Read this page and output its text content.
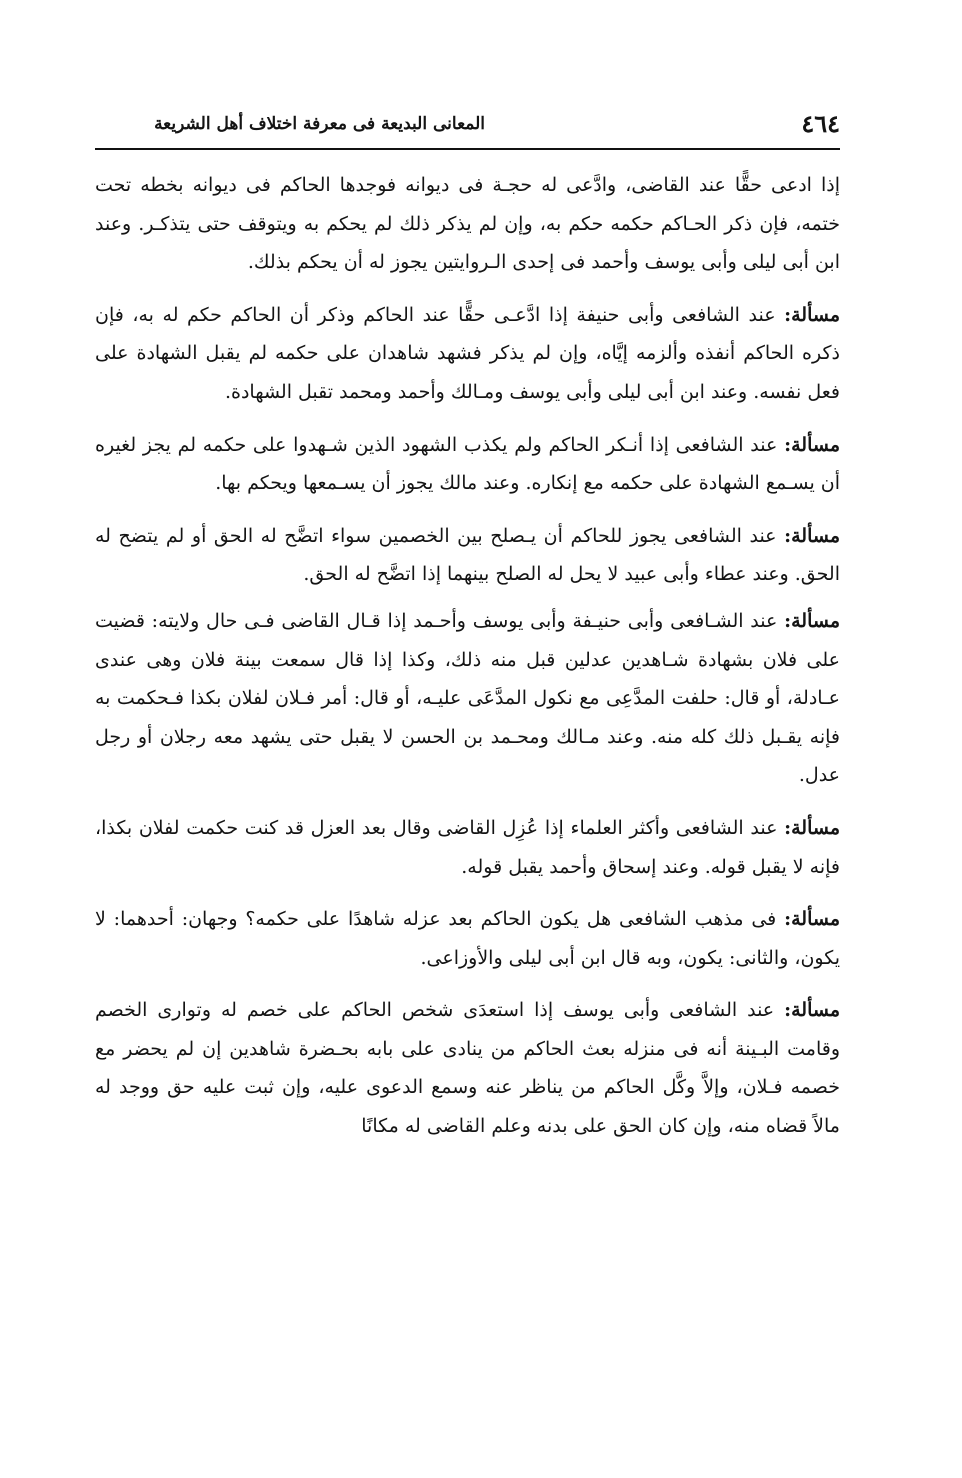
٤٦٤
المعانى البديعة فى معرفة اختلاف أهل الشريعة

إذا ادعى حقًّا عند القاضى، وادَّعى له حجـة فى ديوانه فوجدها الحاكم فى ديوانه بخطه تحت ختمه، فإن ذكر الحـاكم حكمه حكم به، وإن لم يذكر ذلك لم يحكم به ويتوقف حتى يتذكـر. وعند ابن أبى ليلى وأبى يوسف وأحمد فى إحدى الـروايتين يجوز له أن يحكم بذلك.

مسألة: عند الشافعى وأبى حنيفة إذا ادَّعـى حقًّا عند الحاكم وذكر أن الحاكم حكم له به، فإن ذكره الحاكم أنفذه وألزمه إيَّاه، وإن لم يذكر فشهد شاهدان على حكمه لم يقبل الشهادة على فعل نفسه. وعند ابن أبى ليلى وأبى يوسف ومـالك وأحمد ومحمد تقبل الشهادة.

مسألة: عند الشافعى إذا أنـكر الحاكم ولم يكذب الشهود الذين شـهدوا على حكمه لم يجز لغيره أن يسـمع الشهادة على حكمه مع إنكاره. وعند مالك يجوز أن يسـمعها ويحكم بها.

مسألة: عند الشافعى يجوز للحاكم أن يـصلح بين الخصمين سواء اتضَّح له الحق أو لم يتضح له الحق. وعند عطاء وأبى عبيد لا يحل له الصلح بينهما إذا اتضَّح له الحق.

مسألة: عند الشـافعى وأبى حنيـفة وأبى يوسف وأحـمد إذا قـال القاضى فـى حال ولايته: قضيت على فلان بشهادة شـاهدين عدلين قبل منه ذلك، وكذا إذا قال سمعت بينة فلان وهى عندى عـادلة، أو قال: حلفت المدَّعِى مع نكول المدَّعَى عليـه، أو قال: أمر فـلان لفلان بكذا فـحكمت به فإنه يقـبل ذلك كله منه. وعند مـالك ومحـمد بن الحسن لا يقبل حتى يشهد معه رجلان أو رجل عدل.

مسألة: عند الشافعى وأكثر العلماء إذا عُزِل القاضى وقال بعد العزل قد كنت حكمت لفلان بكذا، فإنه لا يقبل قوله. وعند إسحاق وأحمد يقبل قوله.

مسألة: فى مذهب الشافعى هل يكون الحاكم بعد عزله شاهدًا على حكمه؟ وجهان: أحدهما: لا يكون، والثانى: يكون، وبه قال ابن أبى ليلى والأوزاعى.

مسألة: عند الشافعى وأبى يوسف إذا استعدَى شخص الحاكم على خصم له وتوارى الخصم وقامت البـينة أنه فى منزله بعث الحاكم من ينادى على بابه بحـضرة شاهدين إن لم يحضر مع خصمه فـلان، وإلاَّ وكَّل الحاكم من يناظر عنه وسمع الدعوى عليه، وإن ثبت عليه حق ووجد له مالاً قضاه منه، وإن كان الحق على بدنه وعلم القاضى له مكانًا
